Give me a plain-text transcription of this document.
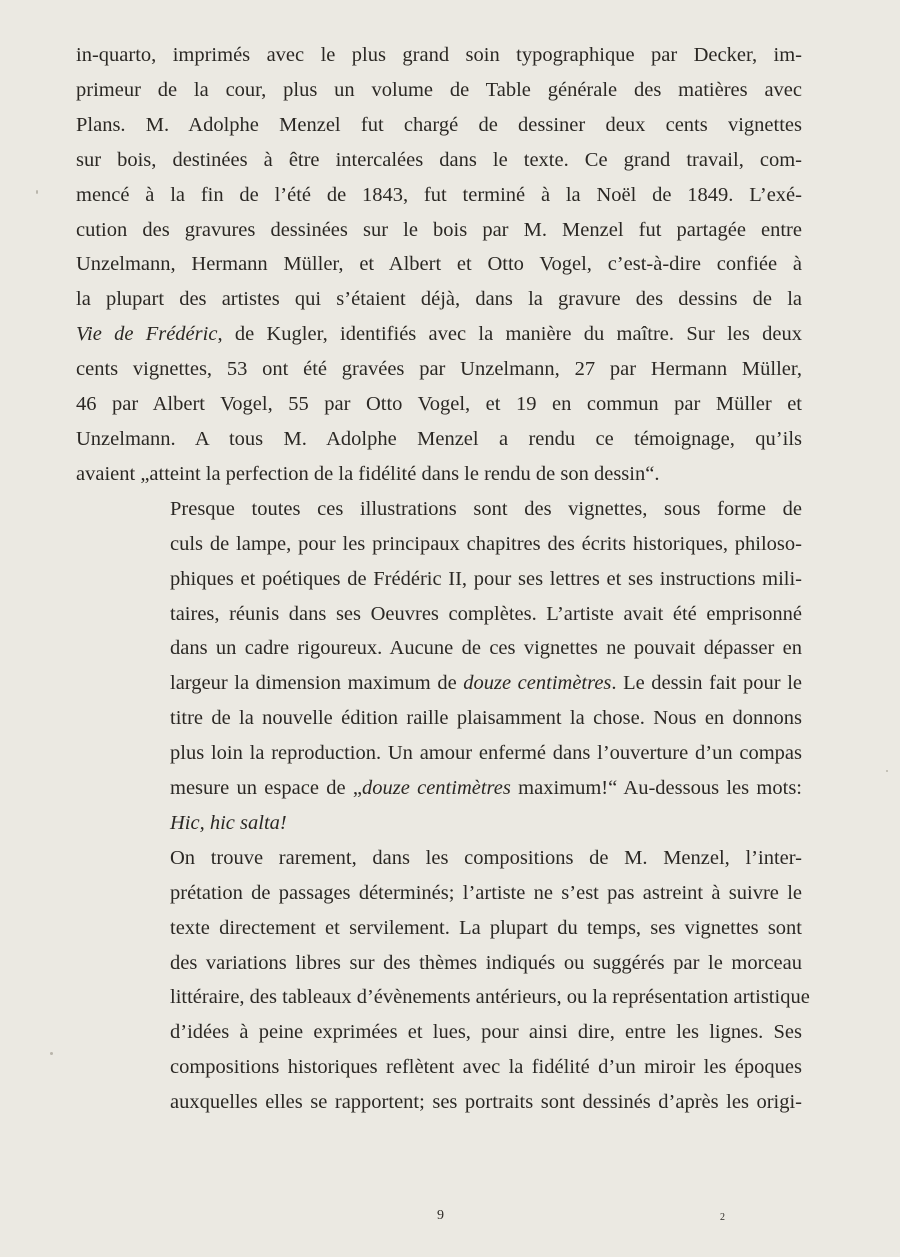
in-quarto, imprimés avec le plus grand soin typographique par Decker, im-
primeur de la cour, plus un volume de Table générale des matières avec
Plans. M. Adolphe Menzel fut chargé de dessiner deux cents vignettes
sur bois, destinées à être intercalées dans le texte. Ce grand travail, com-
mencé à la fin de l’été de 1843, fut terminé à la Noël de 1849. L’exé-
cution des gravures dessinées sur le bois par M. Menzel fut partagée entre
Unzelmann, Hermann Müller, et Albert et Otto Vogel, c’est-à-dire confiée à
la plupart des artistes qui s’étaient déjà, dans la gravure des dessins de la
Vie de Frédéric, de Kugler, identifiés avec la manière du maître. Sur les deux
cents vignettes, 53 ont été gravées par Unzelmann, 27 par Hermann Müller,
46 par Albert Vogel, 55 par Otto Vogel, et 19 en commun par Müller et
Unzelmann. A tous M. Adolphe Menzel a rendu ce témoignage, qu’ils
avaient „atteint la perfection de la fidélité dans le rendu de son dessin“.

Presque toutes ces illustrations sont des vignettes, sous forme de
culs de lampe, pour les principaux chapitres des écrits historiques, philoso-
phiques et poétiques de Frédéric II, pour ses lettres et ses instructions mili-
taires, réunis dans ses Oeuvres complètes. L’artiste avait été emprisonné
dans un cadre rigoureux. Aucune de ces vignettes ne pouvait dépasser en
largeur la dimension maximum de douze centimètres. Le dessin fait pour le
titre de la nouvelle édition raille plaisamment la chose. Nous en donnons
plus loin la reproduction. Un amour enfermé dans l’ouverture d’un compas
mesure un espace de „douze centimètres maximum!“ Au-dessous les mots:
Hic, hic salta!

On trouve rarement, dans les compositions de M. Menzel, l’inter-
prétation de passages déterminés; l’artiste ne s’est pas astreint à suivre le
texte directement et servilement. La plupart du temps, ses vignettes sont
des variations libres sur des thèmes indiqués ou suggérés par le morceau
littéraire, des tableaux d’évènements antérieurs, ou la représentation artistique
d’idées à peine exprimées et lues, pour ainsi dire, entre les lignes. Ses
compositions historiques reflètent avec la fidélité d’un miroir les époques
auxquelles elles se rapportent; ses portraits sont dessinés d’après les origi-

9	2
